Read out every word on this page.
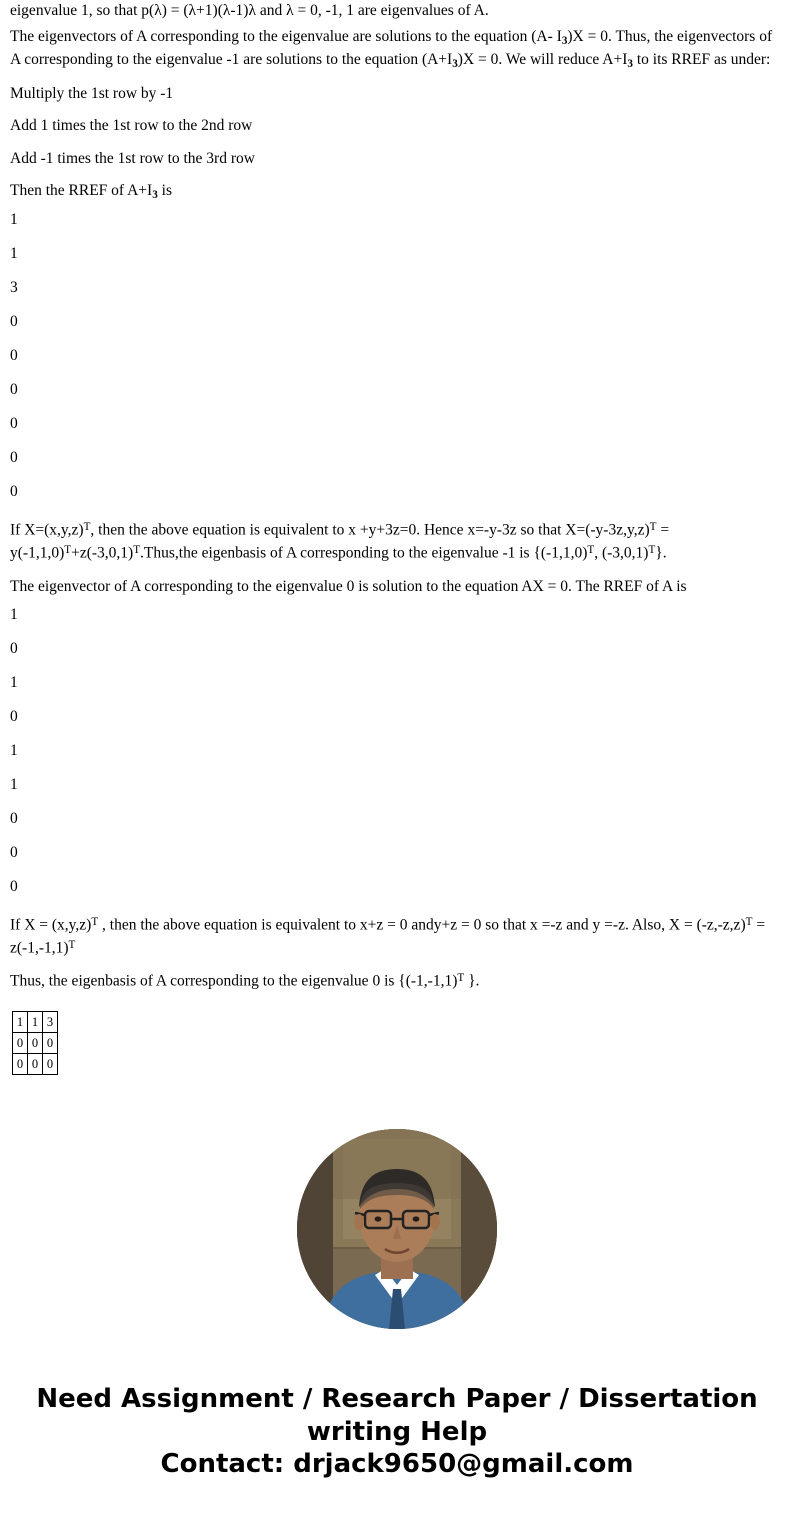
eigenvalue 1, so that p(λ) = (λ+1)(λ-1)λ and λ = 0, -1, 1 are eigenvalues of A.

The eigenvectors of A corresponding to the eigenvalue are solutions to the equation (A- $I_3)X = 0$. Thus, the eigenvectors of A corresponding to the eigenvalue -1 are solutions to the equation $(A+I_3)X = 0$. We will reduce $A+I_3$ to its RREF as under:

Multiply the 1st row by -1

Add 1 times the 1st row to the 2nd row

Add -1 times the 1st row to the 3rd row

Then the RREF of $A+I_3$ is

1

1

3

0

0

0

0

0

0

If $X=(x,y,z)^T$, then the above equation is equivalent to x +y+3z=0. Hence x=-y-3z so that $X=(-y-3z,y,z)^T$ = $y(-1,1,0)^T+z(-3,0,1)^T.Thus,the$ eigenbasis of A corresponding to the eigenvalue -1 is {$(-1,1,0)^T$, $(-3,0,1)^T$}.

The eigenvector of A corresponding to the eigenvalue 0 is solution to the equation AX = 0. The RREF of A is

1

0

1

0

1

1

0

0

0

If $X = (x,y,z)^T$ , then the above equation is equivalent to x+z = 0 andy+z = 0 so that x =-z and y =-z. Also, $X = (-z,-z,z)^T = z(-1,-1,1)^T$

Thus, the eigenbasis of A corresponding to the eigenvalue 0 is {$(-1,-1,1)^T$ }.

1	1	3
0	0	0
0	0	0
Need Assignment / Research Paper / Dissertation
writing Help
Contact: drjack9650@gmail.com
